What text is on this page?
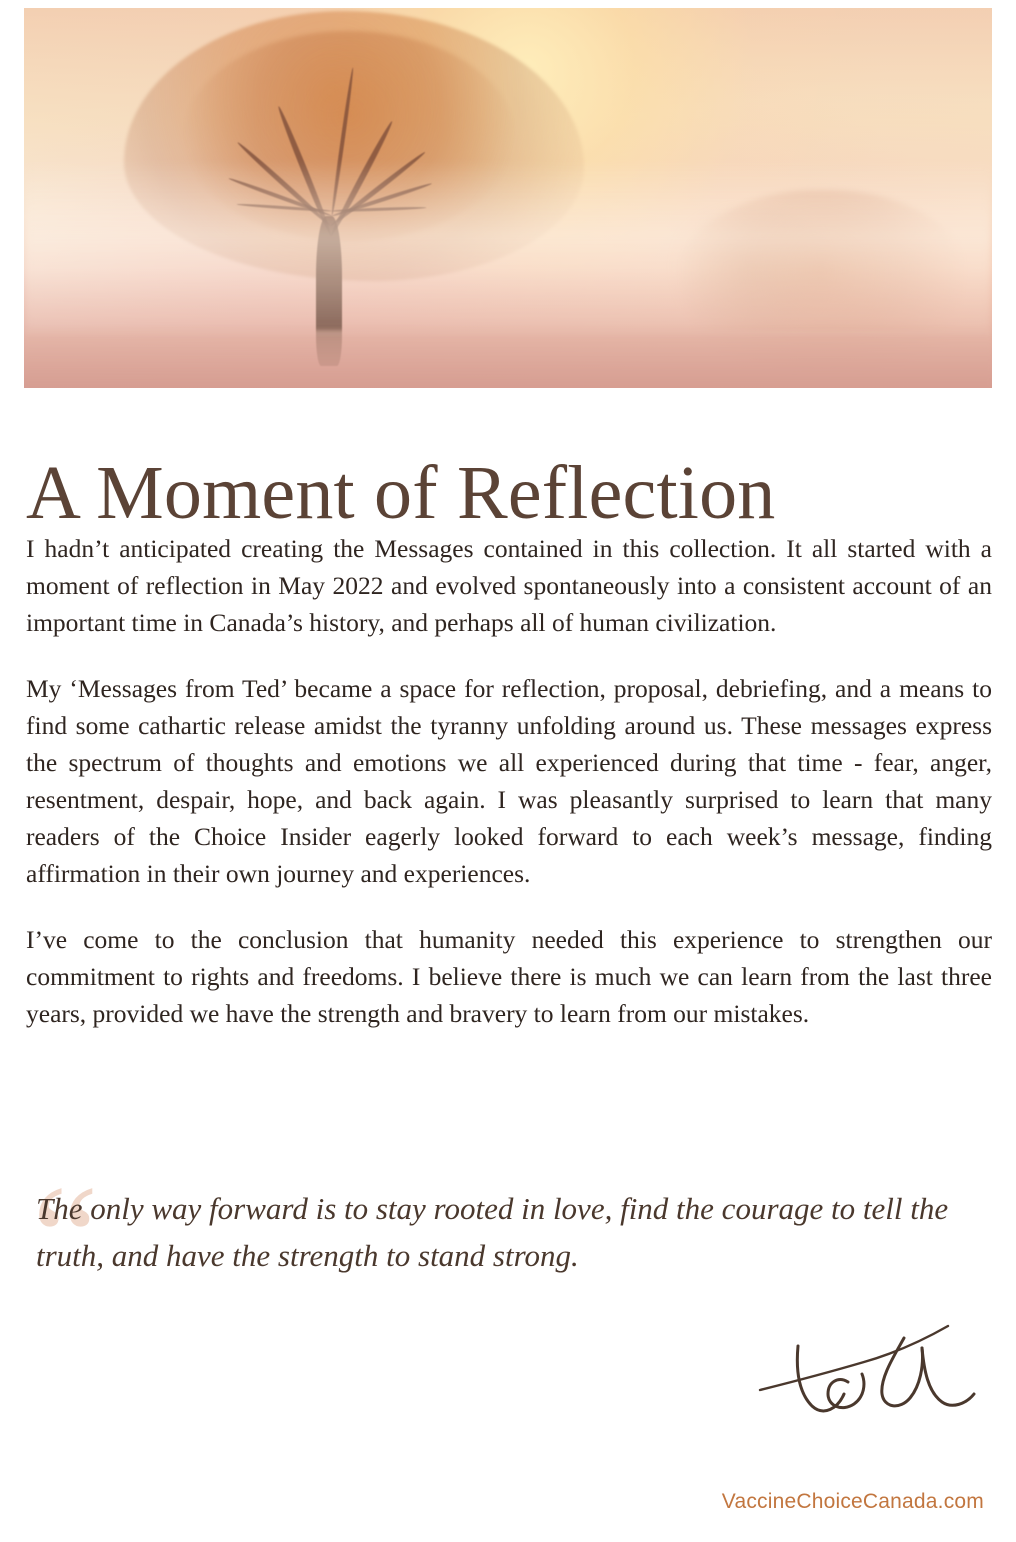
A Moment of Reflection

I hadn’t anticipated creating the Messages contained in this collection. It all started with a moment of reflection in May 2022 and evolved spontaneously into a consistent account of an important time in Canada’s history, and perhaps all of human civilization.

My ‘Messages from Ted’ became a space for reflection, proposal, debriefing, and a means to find some cathartic release amidst the tyranny unfolding around us. These messages express the spectrum of thoughts and emotions we all experienced during that time - fear, anger, resentment, despair, hope, and back again. I was pleasantly surprised to learn that many readers of the Choice Insider eagerly looked forward to each week’s message, finding affirmation in their own journey and experiences.

I’ve come to the conclusion that humanity needed this experience to strengthen our commitment to rights and freedoms. I believe there is much we can learn from the last three years, provided we have the strength and bravery to learn from our mistakes.

“
The only way forward is to stay rooted in love, find the courage to tell the truth, and have the strength to stand strong.
VaccineChoiceCanada.com
